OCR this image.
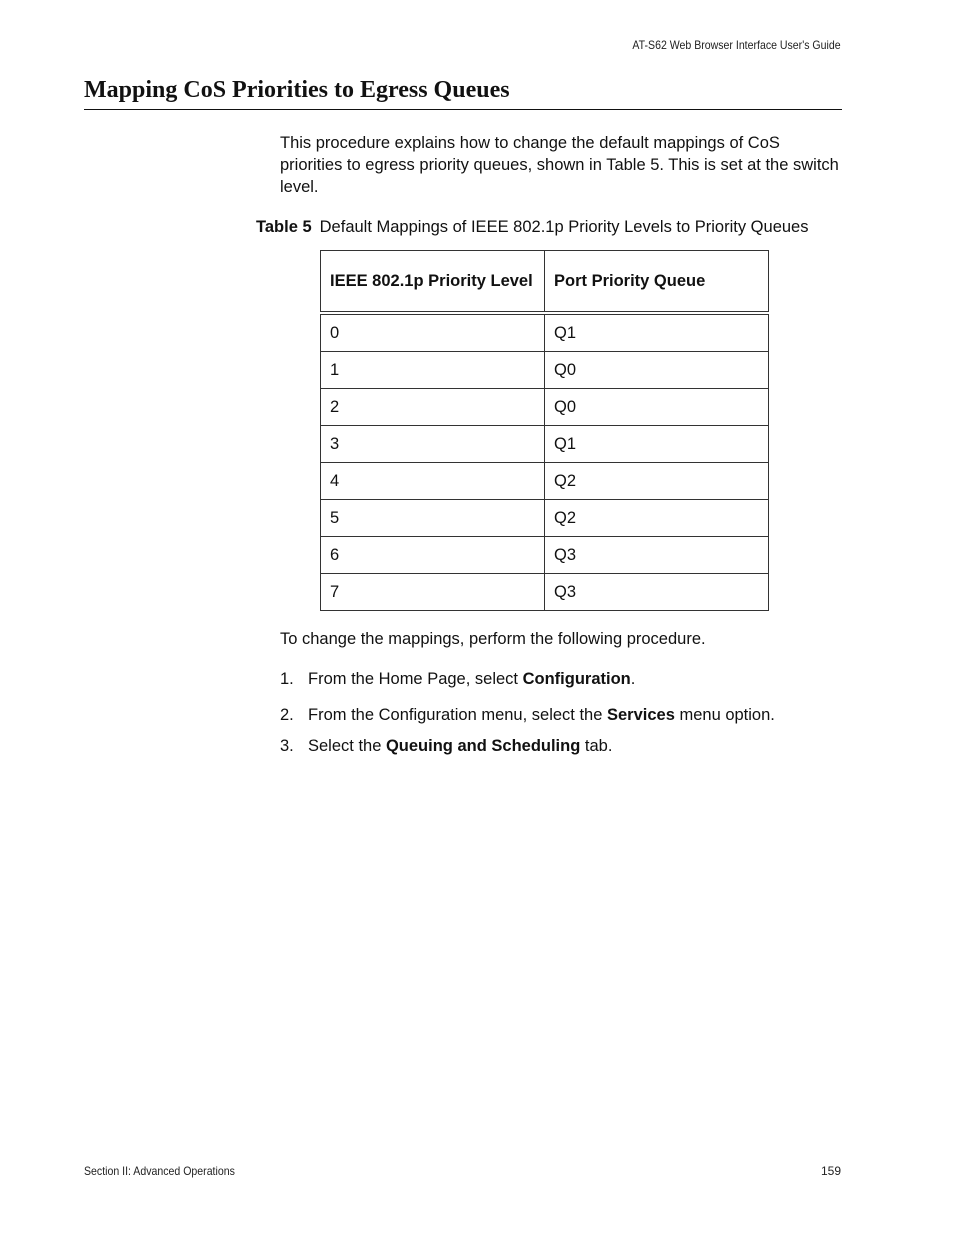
AT-S62 Web Browser Interface User's Guide
Mapping CoS Priorities to Egress Queues

This procedure explains how to change the default mappings of CoS priorities to egress priority queues, shown in Table 5. This is set at the switch level.

Table 5 Default Mappings of IEEE 802.1p Priority Levels to Priority Queues

IEEE 802.1p Priority Level	Port Priority Queue
0	Q1
1	Q0
2	Q0
3	Q1
4	Q2
5	Q2
6	Q3
7	Q3

To change the mappings, perform the following procedure.

1. From the Home Page, select Configuration.

2. From the Configuration menu, select the Services menu option.

3. Select the Queuing and Scheduling tab.

Section II: Advanced Operations	159
